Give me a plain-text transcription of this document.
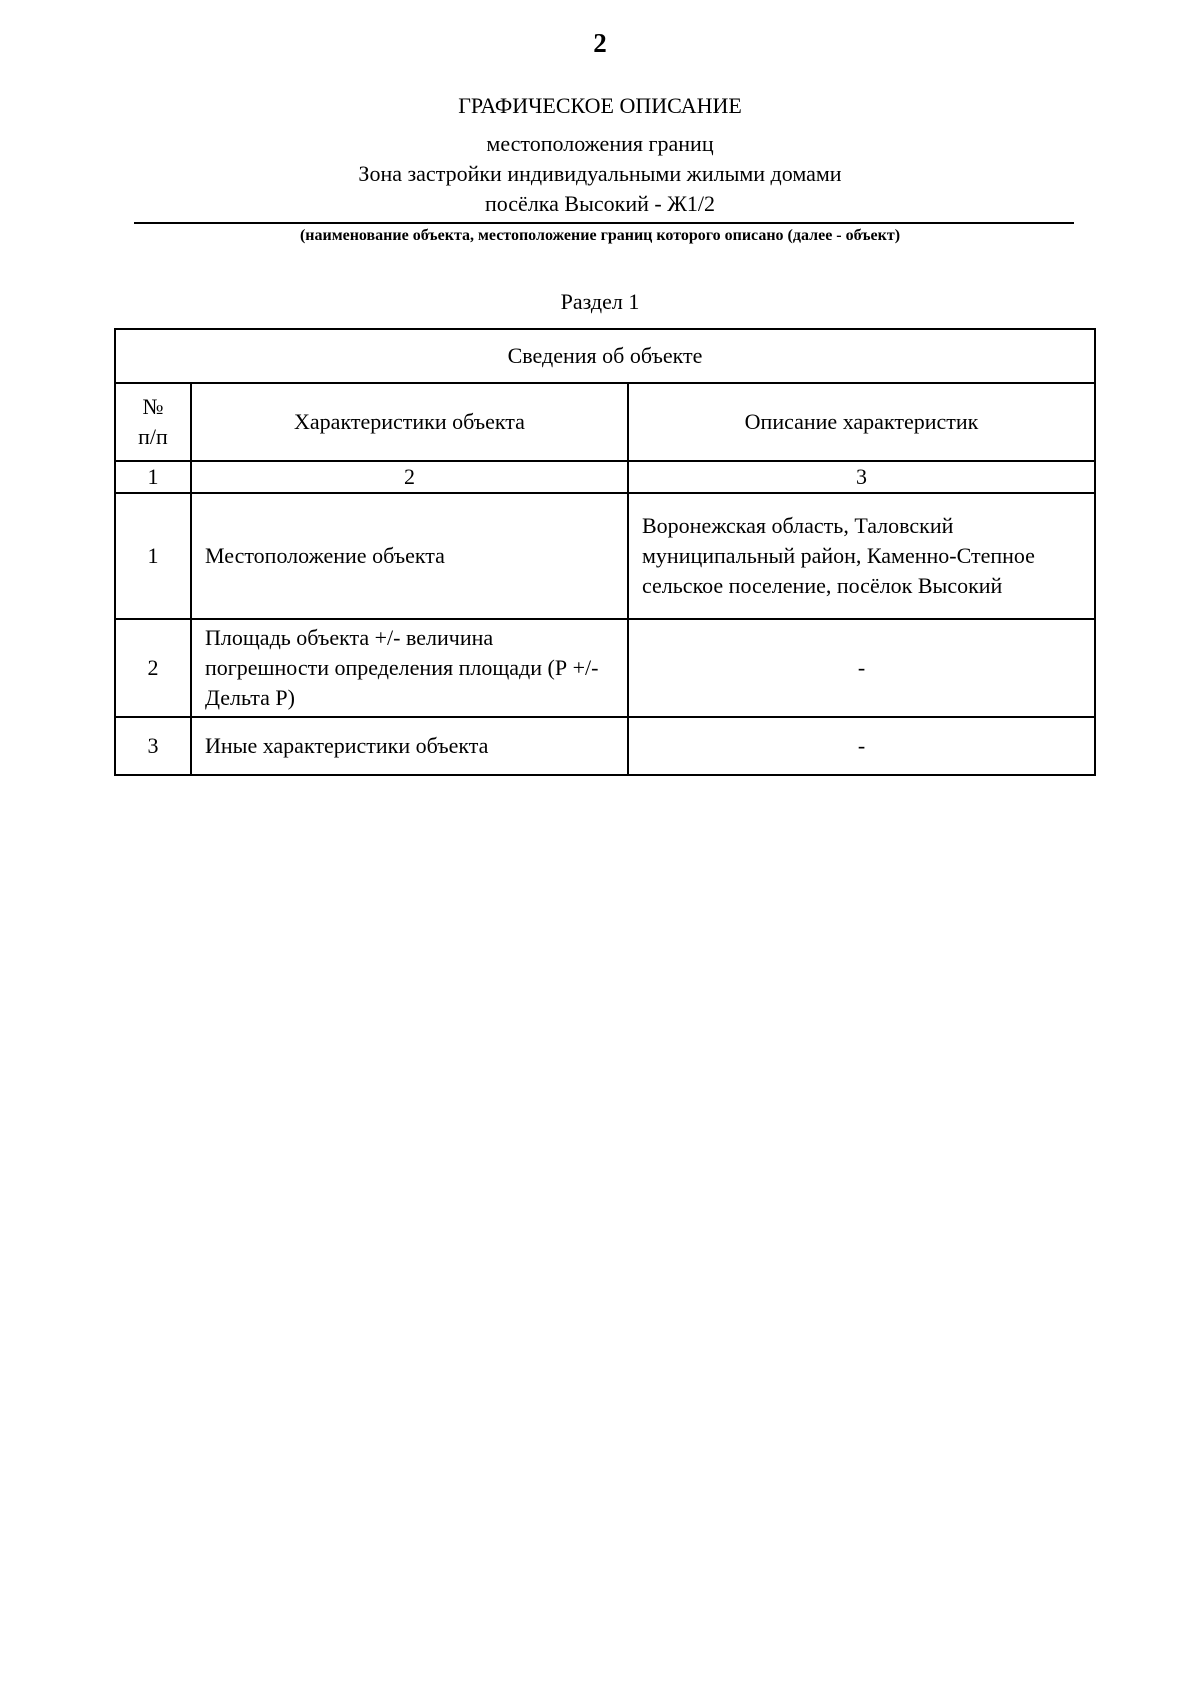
2
ГРАФИЧЕСКОЕ ОПИСАНИЕ
местоположения границ
Зона застройки индивидуальными жилыми домами
посёлка Высокий - Ж1/2
(наименование объекта, местоположение границ которого описано (далее - объект)
Раздел 1
Сведения об объекте		
№
п/п	Характеристики объекта	Описание характеристик
1	2	3
1	Местоположение объекта	Воронежская область, Таловский муниципальный район, Каменно-Степное сельское поселение, посёлок Высокий
2	Площадь объекта +/- величина погрешности определения площади (Р +/- Дельта Р)	-
3	Иные характеристики объекта	-
